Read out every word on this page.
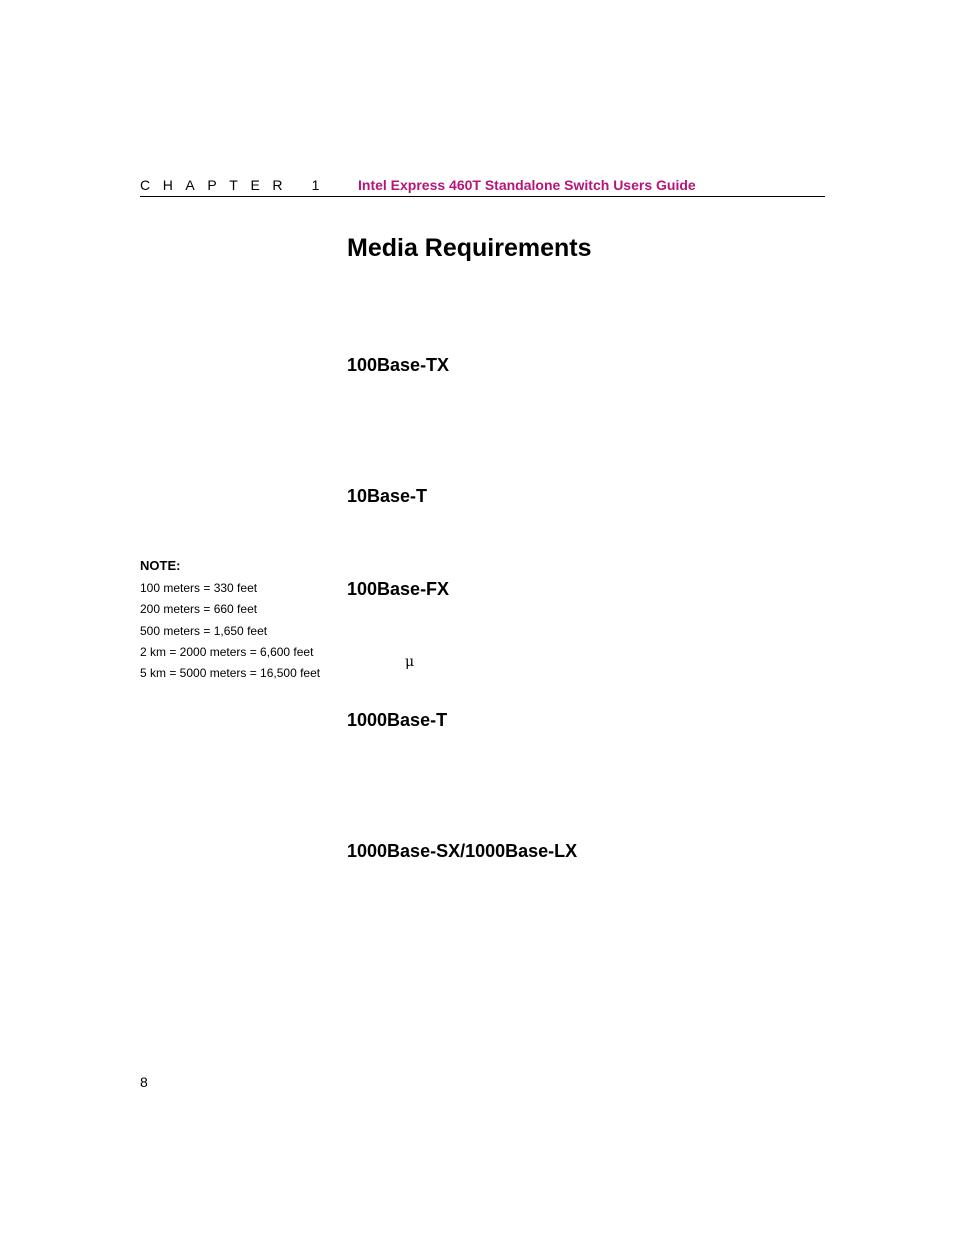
CHAPTER 1 Intel Express 460T Standalone Switch Users Guide
Media Requirements
100Base-TX
10Base-T
100Base-FX
1000Base-T
1000Base-SX/1000Base-LX
NOTE:
100 meters = 330 feet
200 meters = 660 feet
500 meters = 1,650 feet
2 km = 2000 meters = 6,600 feet
5 km = 5000 meters = 16,500 feet
μ
8
